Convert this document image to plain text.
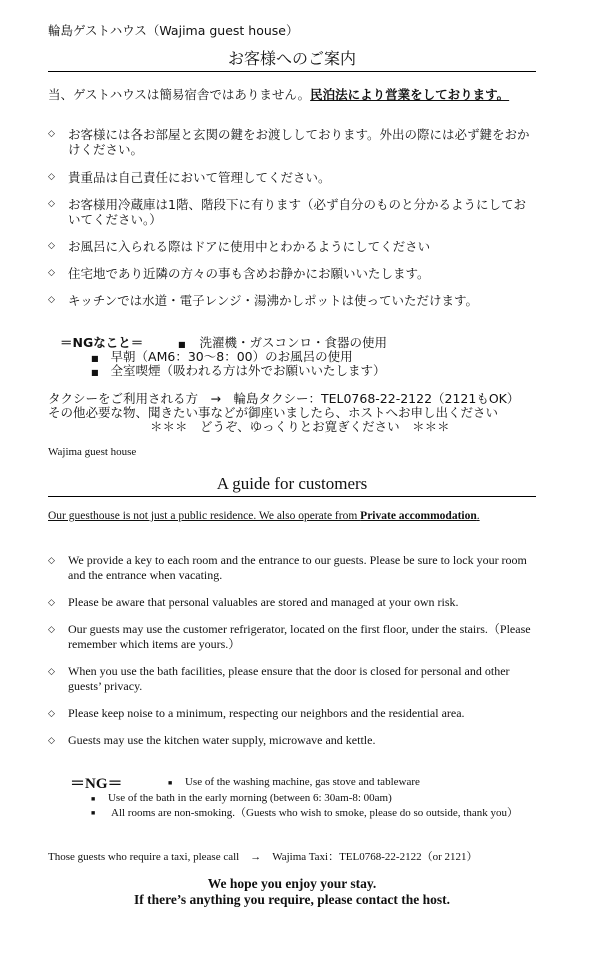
輪島ゲストハウス（Wajima guest house）
お客様へのご案内
当、ゲストハウスは簡易宿舎ではありません。民泊法により営業をしております。
◇	お客様には各お部屋と玄関の鍵をお渡ししております。外出の際には必ず鍵をおかけください。
◇	貴重品は自己責任において管理してください。
◇	お客様用冷蔵庫は1階、階段下に有ります（必ず自分のものと分かるようにしておいてください。）
◇	お風呂に入られる際はドアに使用中とわかるようにしてください
◇	住宅地であり近隣の方々の事も含めお静かにお願いいたします。
◇	キッチンでは水道・電子レンジ・湯沸かしポットは使っていただけます。
＝NGなこと＝	■ 洗濯機・ガスコンロ・食器の使用
■ 早朝（AM6：30〜8：00）のお風呂の使用
■ 全室喫煙（吸われる方は外でお願いいたします）
タクシーをご利用される方　→　輪島タクシー：TEL0768-22-2122（2121もOK）
その他必要な物、聞きたい事などが御座いましたら、ホストへお申し出ください
＊＊＊　どうぞ、ゆっくりとお寛ぎください　＊＊＊
Wajima guest house
A guide for customers
Our guesthouse is not just a public residence. We also operate from Private accommodation.
◇	We provide a key to each room and the entrance to our guests. Please be sure to lock your room and the entrance when vacating.
◇	Please be aware that personal valuables are stored and managed at your own risk.
◇	Our guests may use the customer refrigerator, located on the first floor, under the stairs.（Please remember which items are yours.）
◇	When you use the bath facilities, please ensure that the door is closed for personal and other guests’ privacy.
◇	Please keep noise to a minimum, respecting our neighbors and the residential area.
◇	Guests may use the kitchen water supply, microwave and kettle.
＝NG＝	■ Use of the washing machine, gas stove and tableware
■ Use of the bath in the early morning (between 6: 30am-8: 00am)
■	All rooms are non-smoking.（Guests who wish to smoke, please do so outside, thank you）
Those guests who require a taxi, please call　→　Wajima Taxi：TEL0768-22-2122（or 2121）
We hope you enjoy your stay.
If there’s anything you require, please contact the host.
